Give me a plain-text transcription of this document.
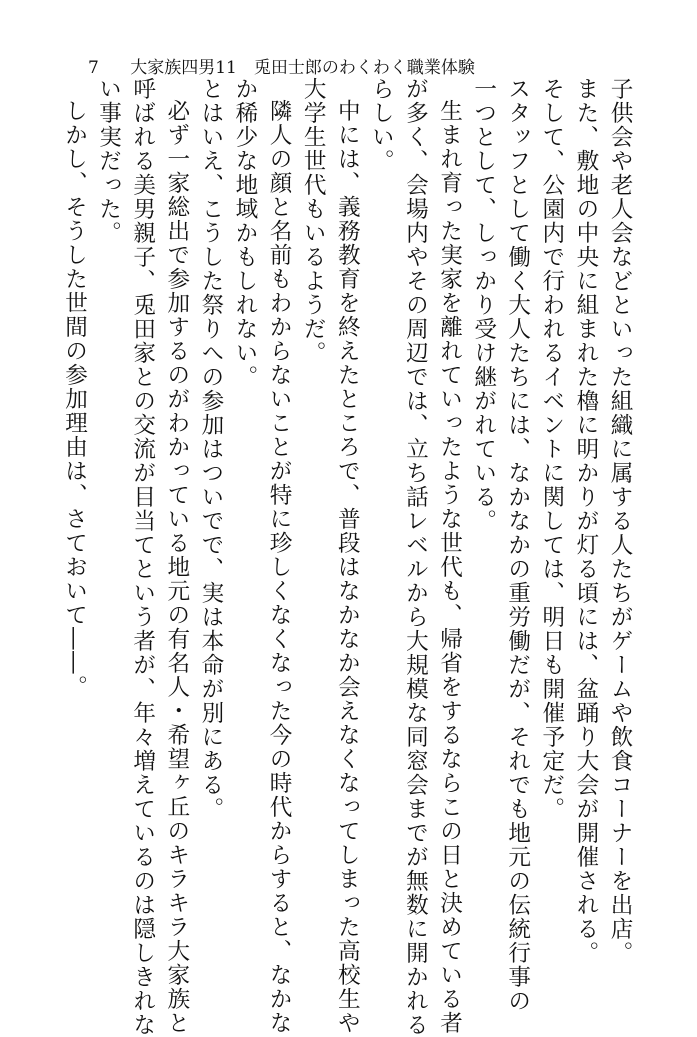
7 大家族四男11　兎田士郎のわくわく職業体験
子供会や老人会などといった組織に属する人たちがゲームや飲食コーナーを出店。
また、敷地の中央に組まれた櫓に明かりが灯る頃には、盆踊り大会が開催される。
そして、公園内で行われるイベントに関しては、明日も開催予定だ。
スタッフとして働く大人たちには、なかなかの重労働だが、それでも地元の伝統行事の
一つとして、しっかり受け継がれている。
生まれ育った実家を離れていったような世代も、帰省をするならこの日と決めている者
が多く、会場内やその周辺では、立ち話レベルから大規模な同窓会までが無数に開かれる
らしい。
中には、義務教育を終えたところで、普段はなかなか会えなくなってしまった高校生や
大学生世代もいるようだ。
隣人の顔と名前もわからないことが特に珍しくなくなった今の時代からすると、なかな
か稀少な地域かもしれない。
とはいえ、こうした祭りへの参加はついでで、実は本命が別にある。
必ず一家総出で参加するのがわかっている地元の有名人・希望ヶ丘のキラキラ大家族と
呼ばれる美男親子、兎田家との交流が目当てという者が、年々増えているのは隠しきれな
い事実だった。
しかし、そうした世間の参加理由は、さておいて――。
